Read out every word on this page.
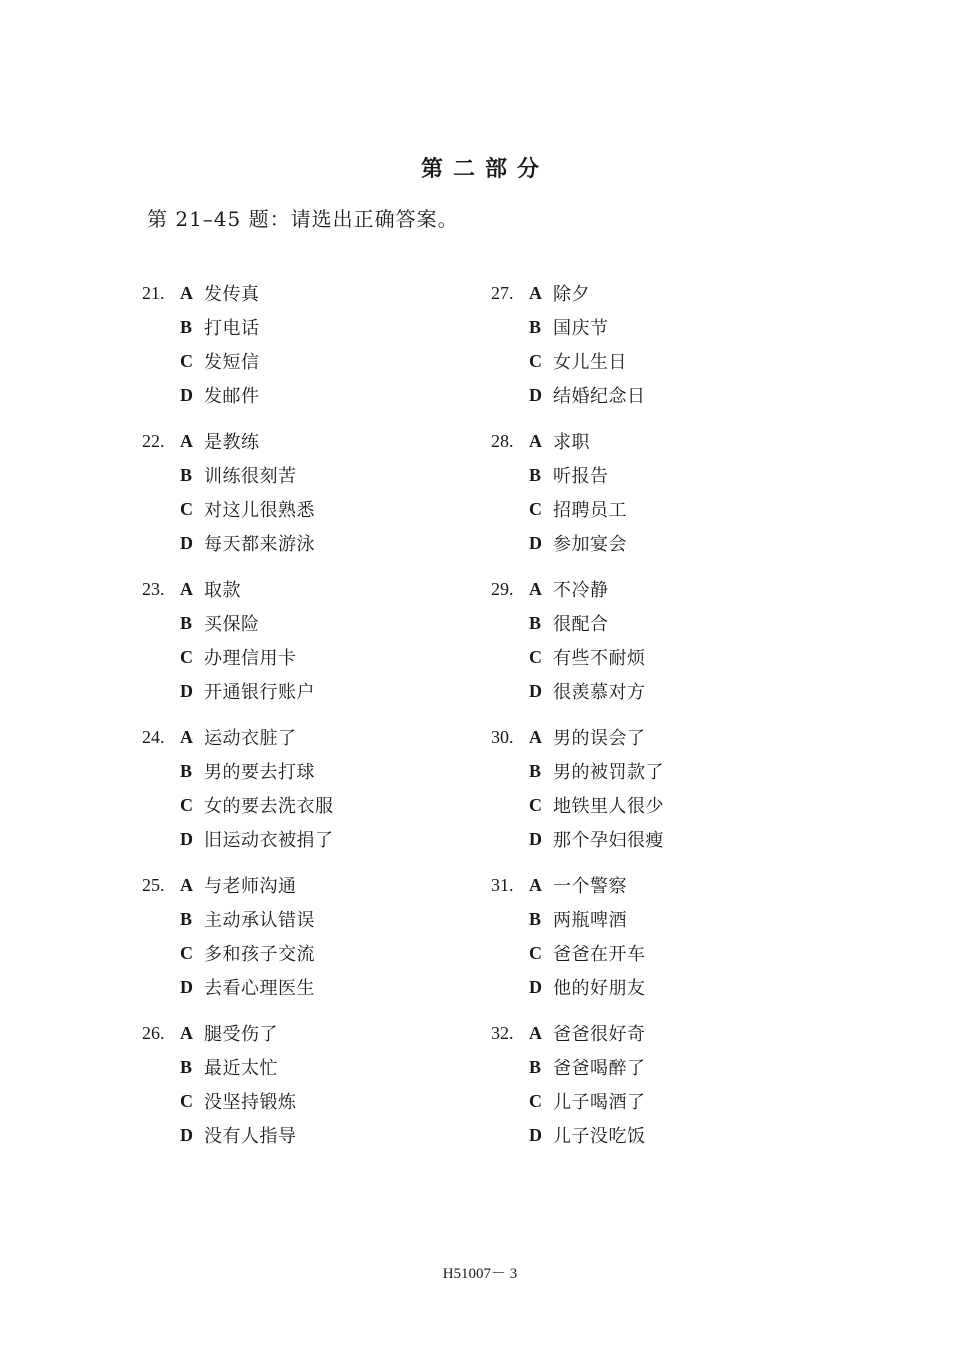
第二部分
第 21–45 题：请选出正确答案。
21. A 发传真
B 打电话
C 发短信
D 发邮件
22. A 是教练
B 训练很刻苦
C 对这儿很熟悉
D 每天都来游泳
23. A 取款
B 买保险
C 办理信用卡
D 开通银行账户
24. A 运动衣脏了
B 男的要去打球
C 女的要去洗衣服
D 旧运动衣被捐了
25. A 与老师沟通
B 主动承认错误
C 多和孩子交流
D 去看心理医生
26. A 腿受伤了
B 最近太忙
C 没坚持锻炼
D 没有人指导
27. A 除夕
B 国庆节
C 女儿生日
D 结婚纪念日
28. A 求职
B 听报告
C 招聘员工
D 参加宴会
29. A 不冷静
B 很配合
C 有些不耐烦
D 很羡慕对方
30. A 男的误会了
B 男的被罚款了
C 地铁里人很少
D 那个孕妇很瘦
31. A 一个警察
B 两瓶啤酒
C 爸爸在开车
D 他的好朋友
32. A 爸爸很好奇
B 爸爸喝醉了
C 儿子喝酒了
D 儿子没吃饭
H51007－ 3
